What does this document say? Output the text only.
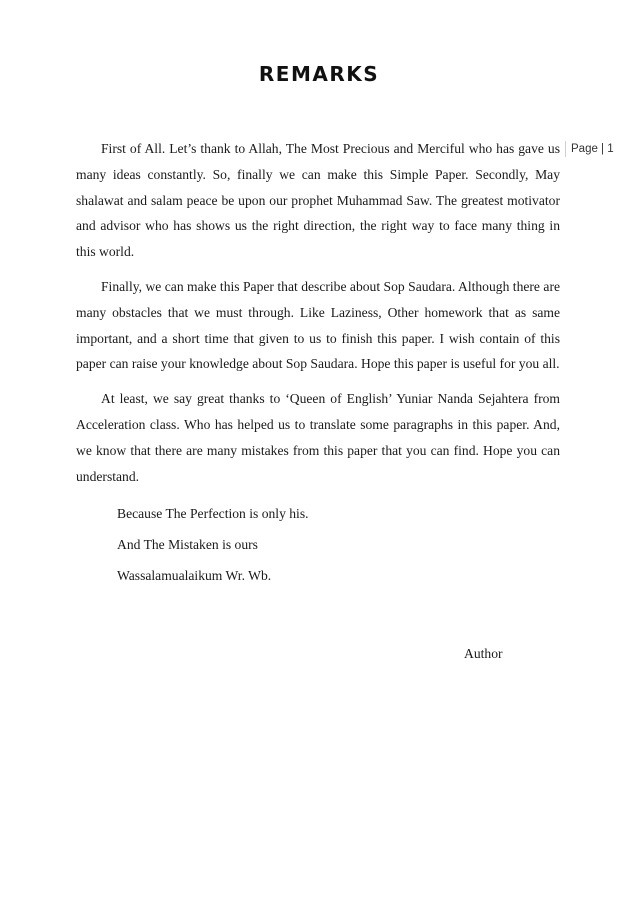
REMARKS
Page | 1

First of All. Let’s thank to Allah, The Most Precious and Merciful who has gave us many ideas constantly. So, finally we can make this Simple Paper. Secondly, May shalawat and salam peace be upon our prophet Muhammad Saw. The greatest motivator and advisor who has shows us the right direction, the right way to face many thing in this world.

Finally, we can make this Paper that describe about Sop Saudara. Although there are many obstacles that we must through. Like Laziness, Other homework that as same important, and a short time that given to us to finish this paper. I wish contain of this paper can raise your knowledge about Sop Saudara. Hope this paper is useful for you all.

At least, we say great thanks to ‘Queen of English’ Yuniar Nanda Sejahtera from Acceleration class. Who has helped us to translate some paragraphs in this paper. And, we know that there are many mistakes from this paper that you can find. Hope you can understand.

Because The Perfection is only his.

And The Mistaken is ours

Wassalamualaikum Wr. Wb.

Author
